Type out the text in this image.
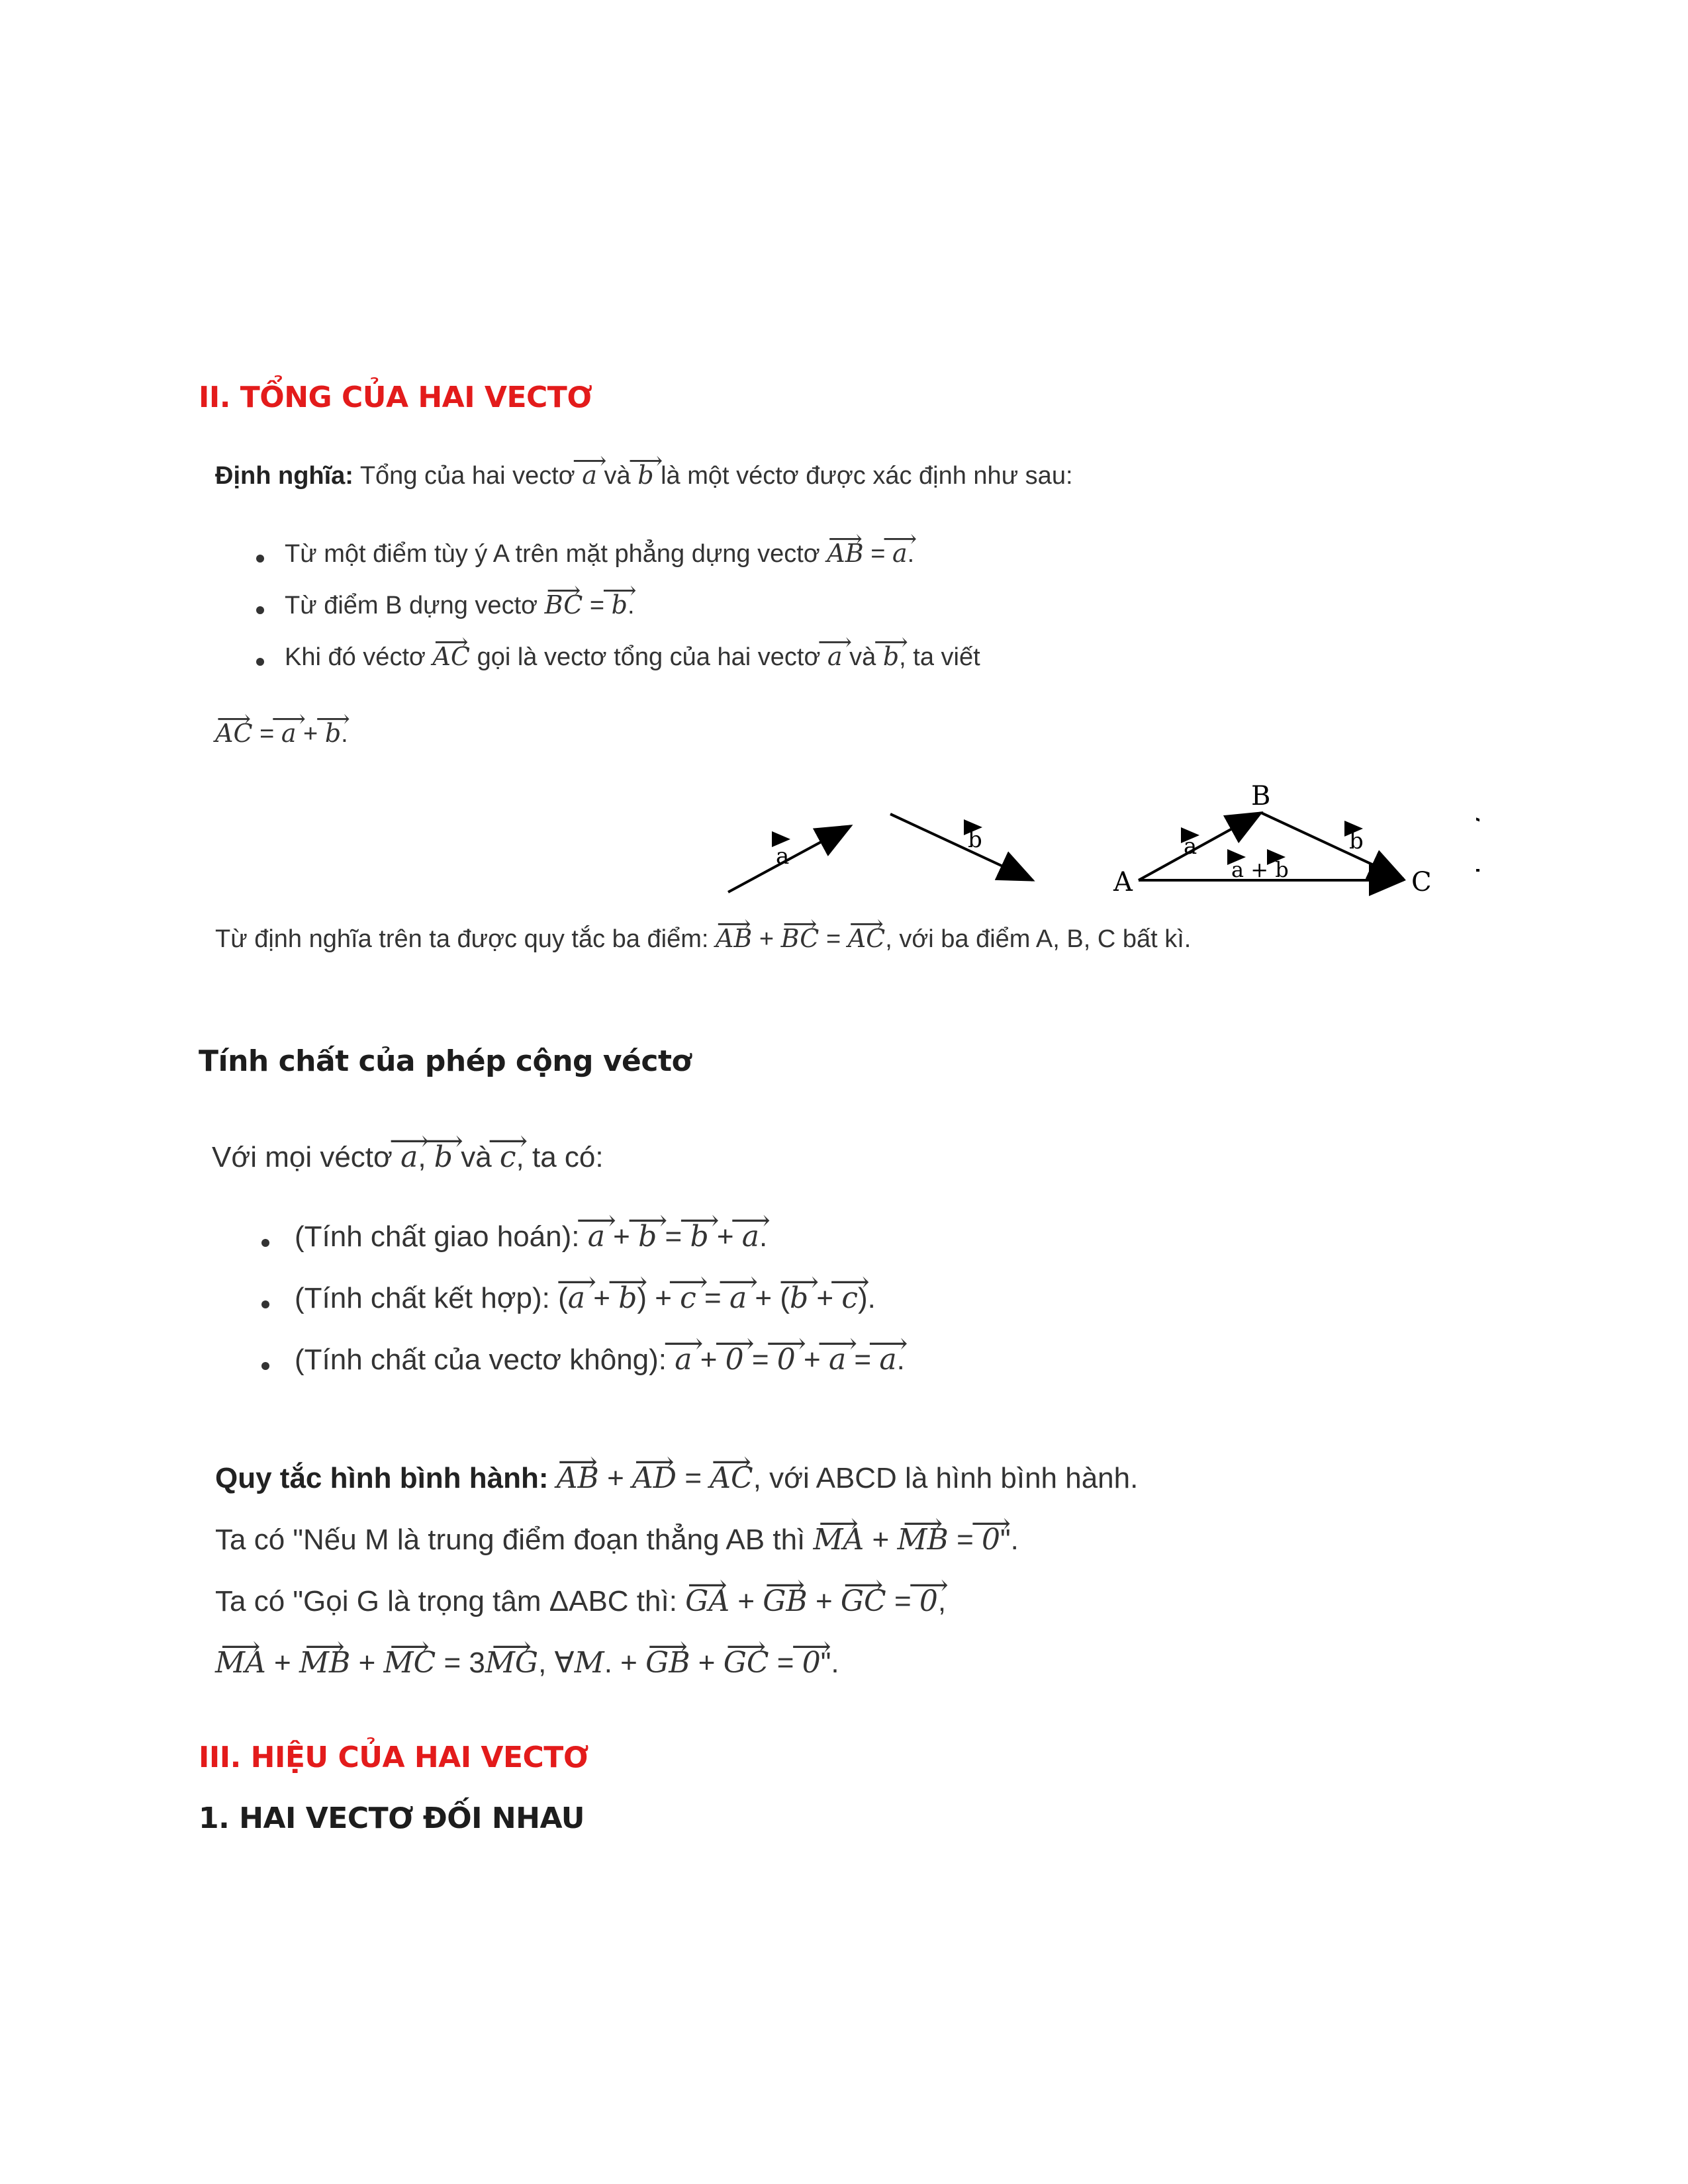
II. TỔNG CỦA HAI VECTƠ
Định nghĩa: Tổng của hai vectơ ⟶ a và ⟶ b là một véctơ được xác định như sau:
Từ một điểm tùy ý A trên mặt phẳng dựng vectơ ⟶ AB = ⟶ a.
Từ điểm B dựng vectơ ⟶ BC = ⟶ b.
Khi đó véctơ ⟶ AC gọi là vectơ tổng của hai vectơ ⟶ a và ⟶ b, ta viết
⟶ AC = ⟶ a + ⟶ b.
a
b
A
B
C
a	b
a + b
Từ định nghĩa trên ta được quy tắc ba điểm: ⟶ AB + ⟶ BC = ⟶ AC, với ba điểm A, B, C bất kì.
Tính chất của phép cộng véctơ
Với mọi véctơ ⟶ a, ⟶ b và ⟶ c, ta có:
(Tính chất giao hoán): ⟶ a + ⟶ b = ⟶ b + ⟶ a.
(Tính chất kết hợp): (⟶ a + ⟶ b) + ⟶ c = ⟶ a + (⟶ b + ⟶ c).
(Tính chất của vectơ không): ⟶ a + ⟶ 0 = ⟶ 0 + ⟶ a = ⟶ a.
Quy tắc hình bình hành: ⟶ AB + ⟶ AD = ⟶ AC, với ABCD là hình bình hành.
Ta có "Nếu M là trung điểm đoạn thẳng AB thì ⟶ MA + ⟶ MB = ⟶ 0".
Ta có "Gọi G là trọng tâm ΔABC thì: ⟶ GA + ⟶ GB + ⟶ GC = ⟶ 0,
⟶ MA + ⟶ MB + ⟶ MC = 3⟶ MG, ∀M. + ⟶ GB + ⟶ GC = ⟶ 0".
III. HIỆU CỦA HAI VECTƠ
1. HAI VECTƠ ĐỐI NHAU
